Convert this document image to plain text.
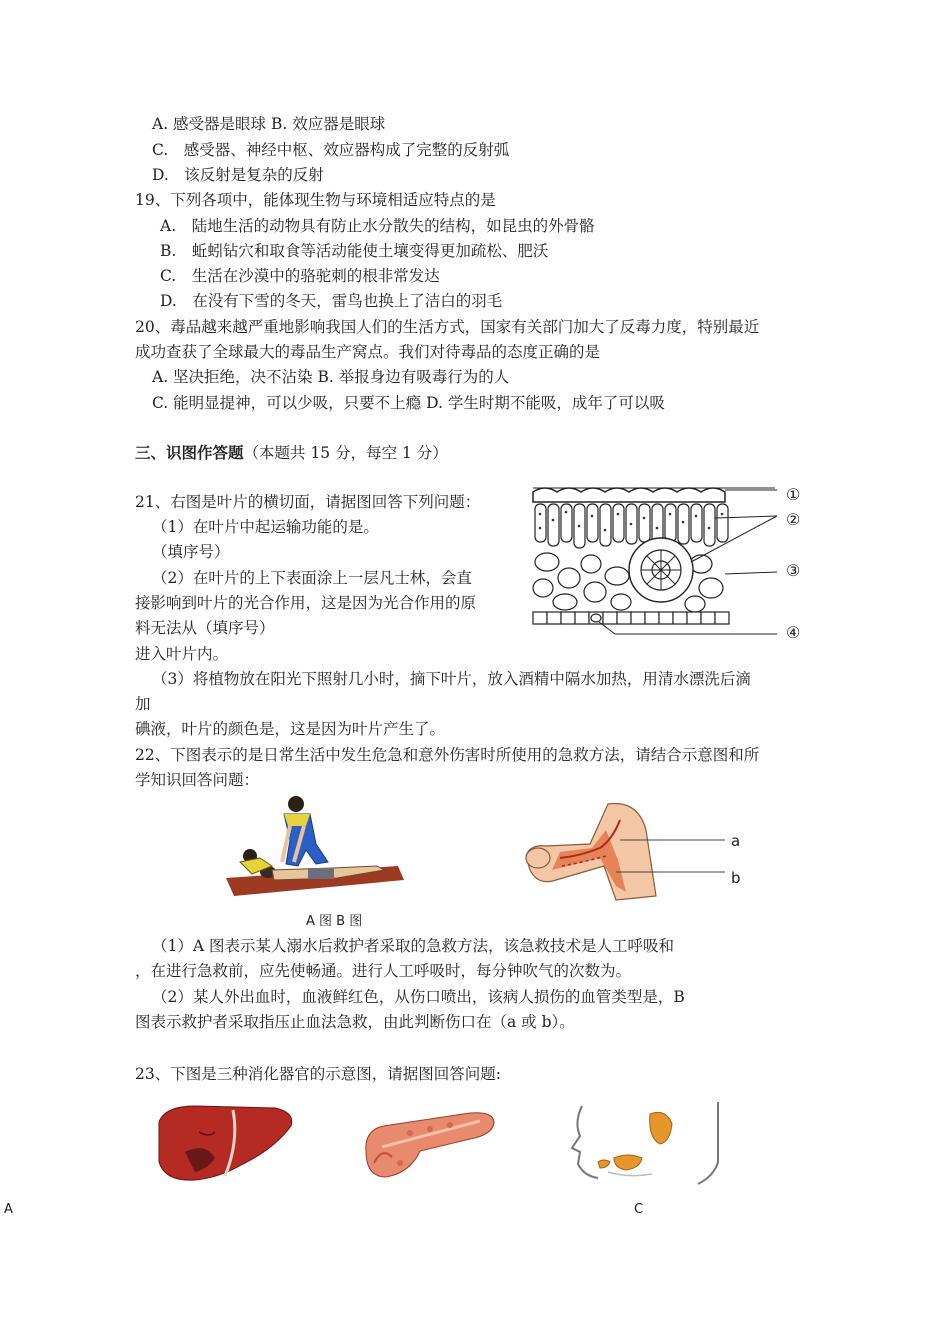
A. 感受器是眼球 B. 效应器是眼球
C.　感受器、神经中枢、效应器构成了完整的反射弧
D.　该反射是复杂的反射
19、下列各项中，能体现生物与环境相适应特点的是
A.　陆地生活的动物具有防止水分散失的结构，如昆虫的外骨骼
B.　蚯蚓钻穴和取食等活动能使土壤变得更加疏松、肥沃
C.　生活在沙漠中的骆驼刺的根非常发达
D.　在没有下雪的冬天，雷鸟也换上了洁白的羽毛
20、毒品越来越严重地影响我国人们的生活方式，国家有关部门加大了反毒力度，特别最近
成功查获了全球最大的毒品生产窝点。我们对待毒品的态度正确的是
A. 坚决拒绝，决不沾染 B. 举报身边有吸毒行为的人
C. 能明显提神，可以少吸，只要不上瘾 D. 学生时期不能吸，成年了可以吸
三、识图作答题（本题共 15 分，每空 1 分）
21、右图是叶片的横切面，请据图回答下列问题：
（1）在叶片中起运输功能的是。
（填序号）
（2）在叶片的上下表面涂上一层凡士林，会直
接影响到叶片的光合作用，这是因为光合作用的原
料无法从（填序号）
进入叶片内。
（3）将植物放在阳光下照射几小时，摘下叶片，放入酒精中隔水加热，用清水漂洗后滴
加
碘液，叶片的颜色是，这是因为叶片产生了。
①
②
③
④
22、下图表示的是日常生活中发生危急和意外伤害时所使用的急救方法，请结合示意图和所
学知识回答问题：
a
b
A 图 B 图
（1）A 图表示某人溺水后救护者采取的急救方法，该急救技术是人工呼吸和
，在进行急救前，应先使畅通。进行人工呼吸时，每分钟吹气的次数为。
（2）某人外出血时，血液鲜红色，从伤口喷出，该病人损伤的血管类型是，B
图表示救护者采取指压止血法急救，由此判断伤口在（a 或 b）。
23、下图是三种消化器官的示意图，请据图回答问题:
A	C
